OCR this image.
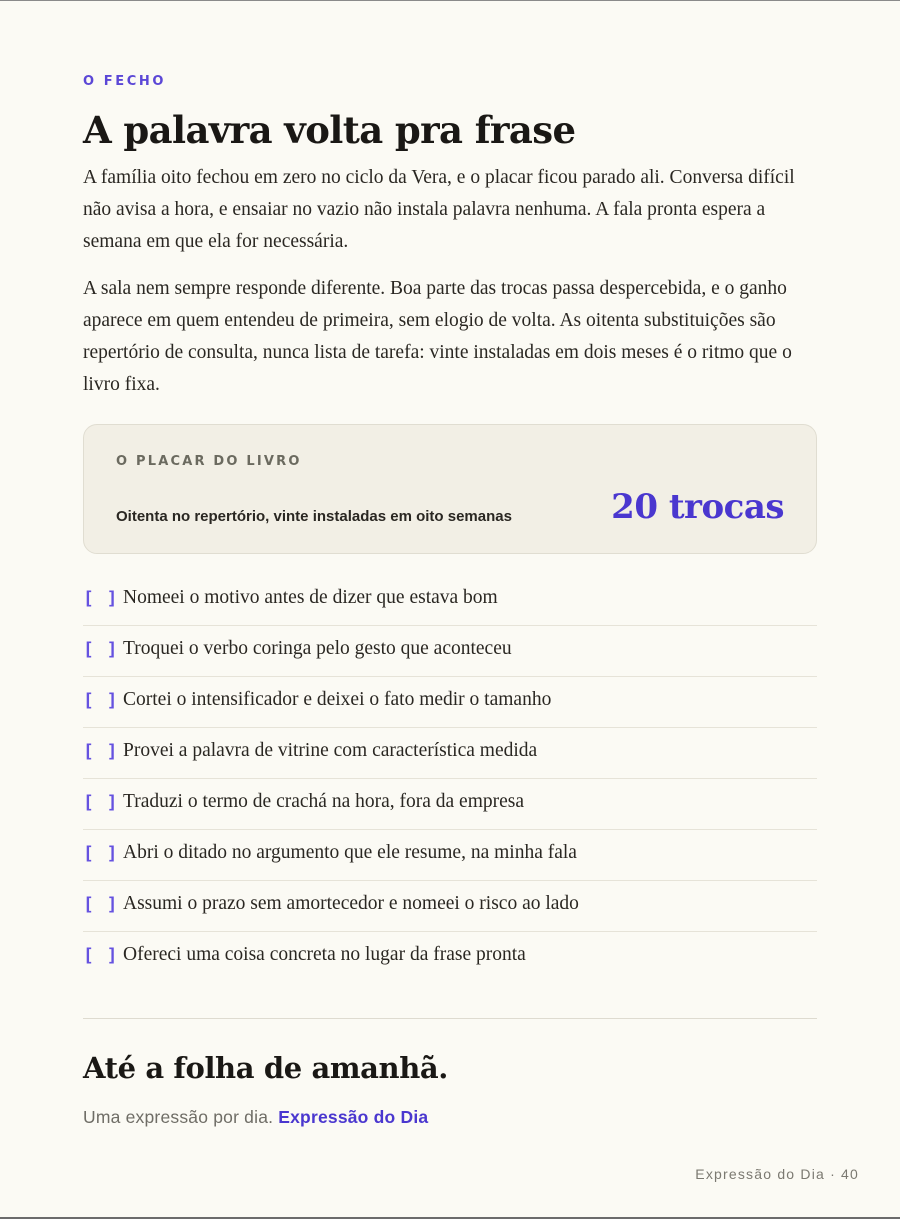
O FECHO
A palavra volta pra frase

A família oito fechou em zero no ciclo da Vera, e o placar ficou parado ali. Conversa difícil não avisa a hora, e ensaiar no vazio não instala palavra nenhuma. A fala pronta espera a semana em que ela for necessária.

A sala nem sempre responde diferente. Boa parte das trocas passa despercebida, e o ganho aparece em quem entendeu de primeira, sem elogio de volta. As oitenta substituições são repertório de consulta, nunca lista de tarefa: vinte instaladas em dois meses é o ritmo que o livro fixa.

O PLACAR DO LIVRO
Oitenta no repertório, vinte instaladas em oito semanas	20 trocas
[ ] Nomeei o motivo antes de dizer que estava bom
[ ] Troquei o verbo coringa pelo gesto que aconteceu
[ ] Cortei o intensificador e deixei o fato medir o tamanho
[ ] Provei a palavra de vitrine com característica medida
[ ] Traduzi o termo de crachá na hora, fora da empresa
[ ] Abri o ditado no argumento que ele resume, na minha fala
[ ] Assumi o prazo sem amortecedor e nomeei o risco ao lado
[ ] Ofereci uma coisa concreta no lugar da frase pronta
Até a folha de amanhã.
Uma expressão por dia. Expressão do Dia
Expressão do Dia · 40
